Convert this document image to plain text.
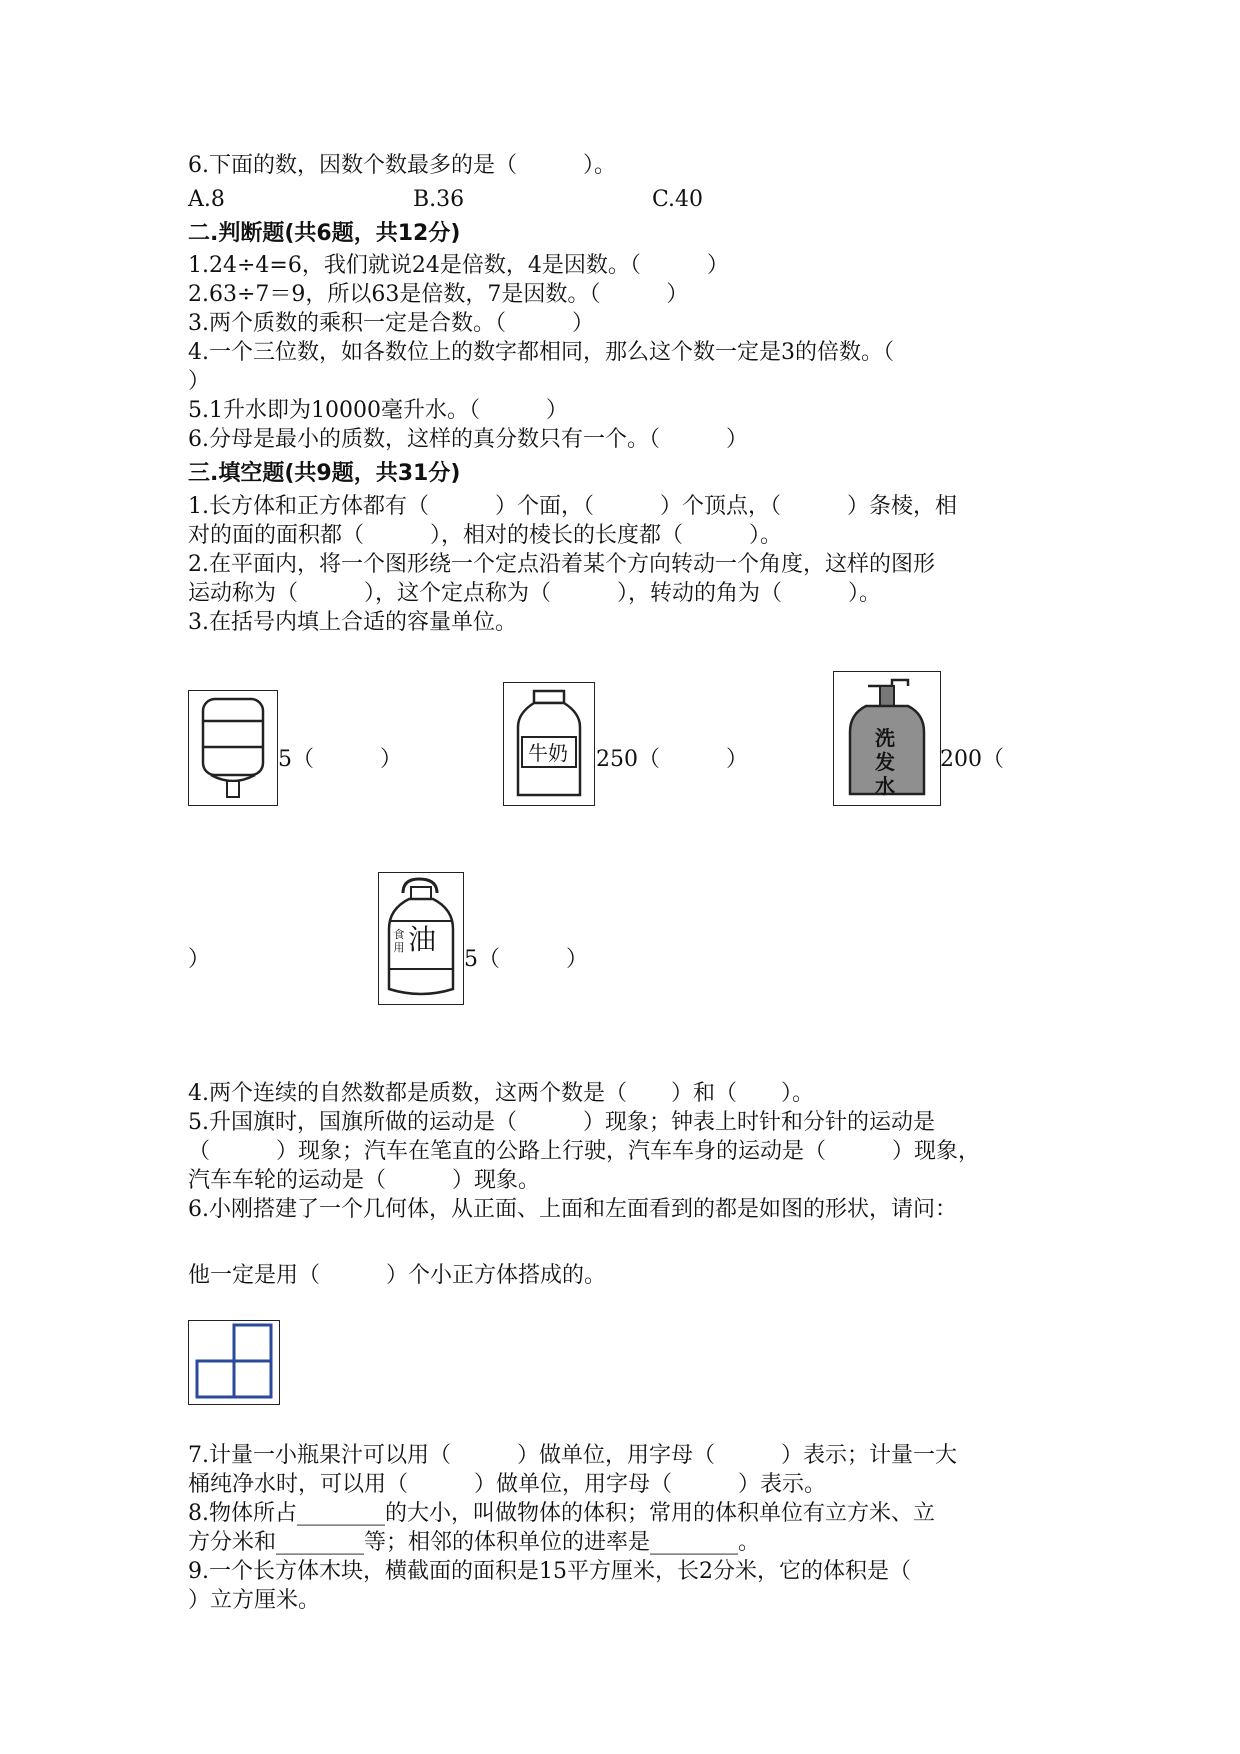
6.下面的数，因数个数最多的是（　　　）。
A.8	B.36	C.40
二.判断题(共6题，共12分)
1.24÷4=6，我们就说24是倍数，4是因数。（　　　）
2.63÷7＝9，所以63是倍数，7是因数。（　　　）
3.两个质数的乘积一定是合数。（　　　）
4.一个三位数，如各数位上的数字都相同，那么这个数一定是3的倍数。（
）
5.1升水即为10000毫升水。（　　　）
6.分母是最小的质数，这样的真分数只有一个。（　　　）
三.填空题(共9题，共31分)
1.长方体和正方体都有（　　　）个面，（　　　）个顶点，（　　　）条棱，相
对的面的面积都（　　　），相对的棱长的长度都（　　　）。
2.在平面内，将一个图形绕一个定点沿着某个方向转动一个角度，这样的图形
运动称为（　　　），这个定点称为（　　　），转动的角为（　　　）。
3.在括号内填上合适的容量单位。
5（　　　）	牛奶	250（　　　）
洗
发
水
200（
）
食
用 油
5（　　　）
4.两个连续的自然数都是质数，这两个数是（　　）和（　　）。
5.升国旗时，国旗所做的运动是（　　　）现象；钟表上时针和分针的运动是
（　　　）现象；汽车在笔直的公路上行驶，汽车车身的运动是（　　　）现象，
汽车车轮的运动是（　　　）现象。
6.小刚搭建了一个几何体，从正面、上面和左面看到的都是如图的形状，请问：
他一定是用（　　　）个小正方体搭成的。
7.计量一小瓶果汁可以用（　　　）做单位，用字母（　　　）表示；计量一大
桶纯净水时，可以用（　　　）做单位，用字母（　　　）表示。
8.物体所占________的大小，叫做物体的体积；常用的体积单位有立方米、立
方分米和________等；相邻的体积单位的进率是________。
9.一个长方体木块，横截面的面积是15平方厘米，长2分米，它的体积是（
）立方厘米。
